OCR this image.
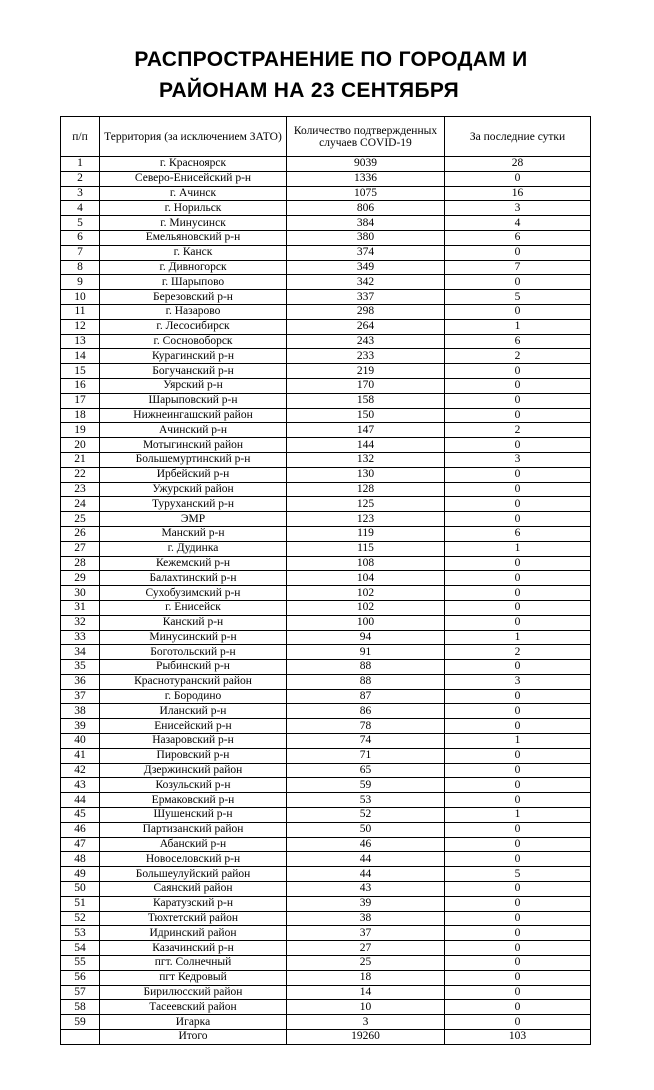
РАСПРОСТРАНЕНИЕ ПО ГОРОДАМ И
РАЙОНАМ НА 23 СЕНТЯБРЯ
п/п	Территория (за исключением ЗАТО)	Количество подтвержденных случаев COVID-19	За последние сутки
1	г. Красноярск	9039	28
2	Северо-Енисейский р-н	1336	0
3	г. Ачинск	1075	16
4	г. Норильск	806	3
5	г. Минусинск	384	4
6	Емельяновский р-н	380	6
7	г. Канск	374	0
8	г. Дивногорск	349	7
9	г. Шарыпово	342	0
10	Березовский р-н	337	5
11	г. Назарово	298	0
12	г. Лесосибирск	264	1
13	г. Сосновоборск	243	6
14	Курагинский р-н	233	2
15	Богучанский р-н	219	0
16	Уярский р-н	170	0
17	Шарыповский р-н	158	0
18	Нижнеингашский район	150	0
19	Ачинский р-н	147	2
20	Мотыгинский район	144	0
21	Большемуртинский р-н	132	3
22	Ирбейский р-н	130	0
23	Ужурский район	128	0
24	Туруханский р-н	125	0
25	ЭМР	123	0
26	Манский р-н	119	6
27	г. Дудинка	115	1
28	Кежемский р-н	108	0
29	Балахтинский р-н	104	0
30	Сухобузимский р-н	102	0
31	г. Енисейск	102	0
32	Канский р-н	100	0
33	Минусинский р-н	94	1
34	Боготольский р-н	91	2
35	Рыбинский р-н	88	0
36	Краснотуранский район	88	3
37	г. Бородино	87	0
38	Иланский р-н	86	0
39	Енисейский р-н	78	0
40	Назаровский р-н	74	1
41	Пировский р-н	71	0
42	Дзержинский район	65	0
43	Козульский р-н	59	0
44	Ермаковский р-н	53	0
45	Шушенский р-н	52	1
46	Партизанский район	50	0
47	Абанский р-н	46	0
48	Новоселовский р-н	44	0
49	Большеулуйский район	44	5
50	Саянский район	43	0
51	Каратузский р-н	39	0
52	Тюхтетский район	38	0
53	Идринский район	37	0
54	Казачинский р-н	27	0
55	пгт. Солнечный	25	0
56	пгт Кедровый	18	0
57	Бирилюсский район	14	0
58	Тасеевский район	10	0
59	Игарка	3	0
	Итого	19260	103
